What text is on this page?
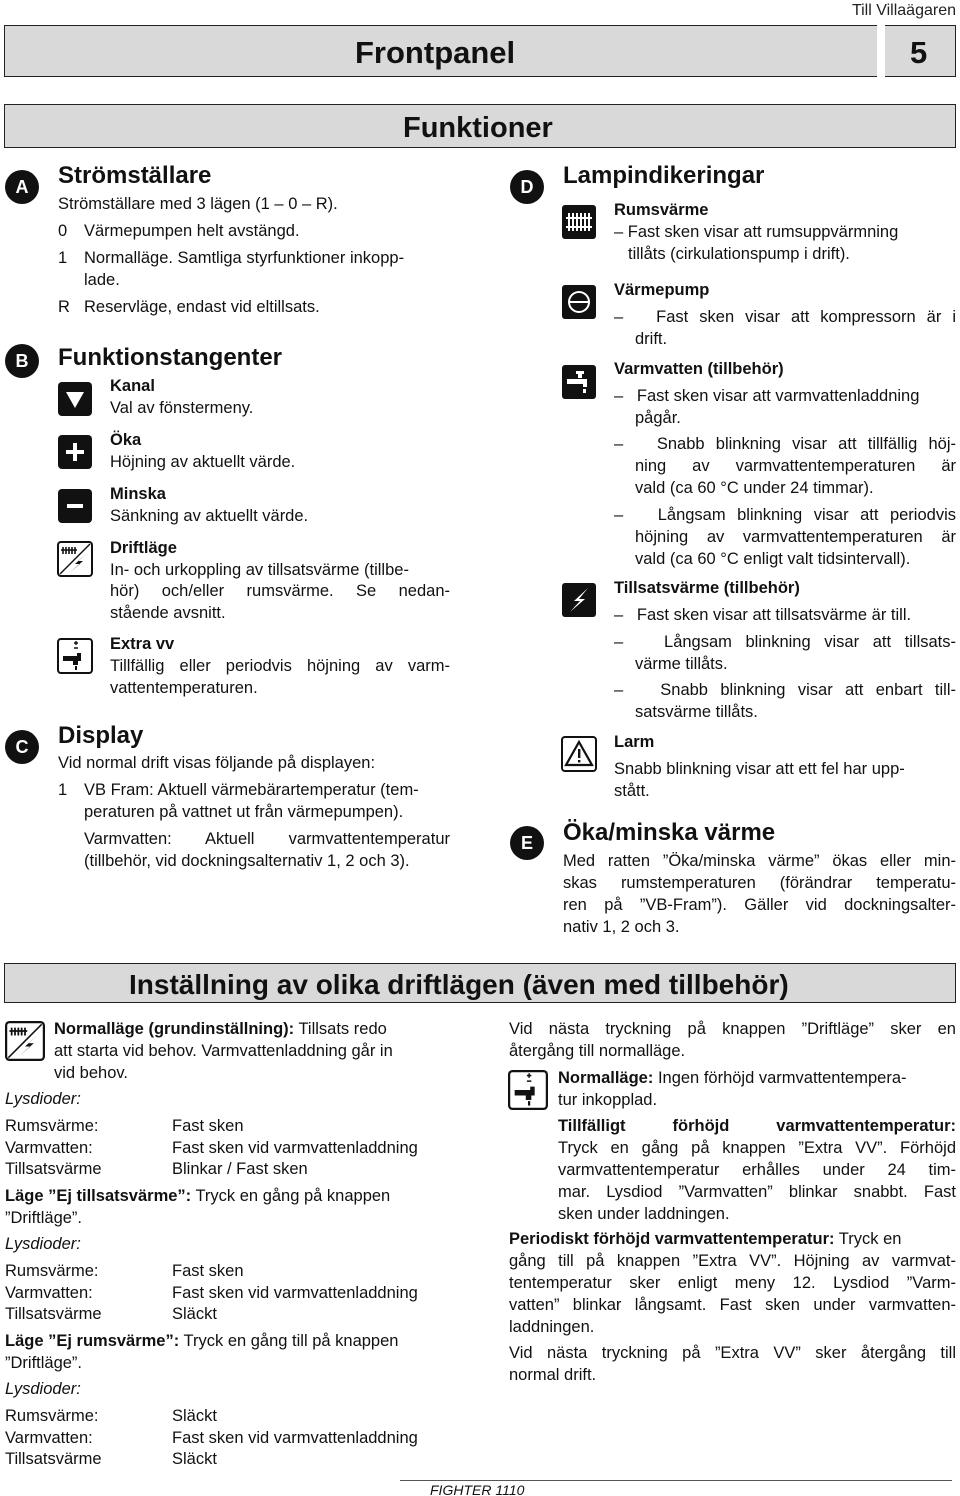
Till Villaägaren
Frontpanel	5
Funktioner
A	Strömställare
Strömställare med 3 lägen (1 – 0 – R).
0 Värmepumpen helt avstängd.
1 Normalläge. Samtliga styrfunktioner inkopp-
lade.
R Reservläge, endast vid eltillsats.
B	Funktionstangenter
Kanal
Val av fönstermeny.
Öka
Höjning av aktuellt värde.
Minska
Sänkning av aktuellt värde.
Driftläge
In- och urkoppling av tillsatsvärme (tillbe-
hör) och/eller rumsvärme. Se nedan-
stående avsnitt.
Extra vv
Tillfällig eller periodvis höjning av varm-
vattentemperaturen.
C	Display
Vid normal drift visas följande på displayen:
1 VB Fram: Aktuell värmebärartemperatur (tem-
peraturen på vattnet ut från värmepumpen).
Varmvatten: Aktuell varmvattentemperatur
(tillbehör, vid dockningsalternativ 1, 2 och 3).
D	Lampindikeringar
Rumsvärme
– Fast sken visar att rumsuppvärmning
tillåts (cirkulationspump i drift).
Värmepump
–   Fast sken visar att kompressorn är i
drift.
Varmvatten (tillbehör)
–   Fast sken visar att varmvattenladdning
pågår.
–   Snabb blinkning visar att tillfällig höj-
ning av varmvattentemperaturen är
vald (ca 60 °C under 24 timmar).
–   Långsam blinkning visar att periodvis
höjning av varmvattentemperaturen är
vald (ca 60 °C enligt valt tidsintervall).
Tillsatsvärme (tillbehör)
–   Fast sken visar att tillsatsvärme är till.
–   Långsam blinkning visar att tillsats-
värme tillåts.
–   Snabb blinkning visar att enbart till-
satsvärme tillåts.
Larm
Snabb blinkning visar att ett fel har upp-
stått.
E	Öka/minska värme
Med ratten ”Öka/minska värme” ökas eller min-
skas rumstemperaturen (förändrar temperatu-
ren på ”VB-Fram”). Gäller vid dockningsalter-
nativ 1, 2 och 3.
Inställning av olika driftlägen (även med tillbehör)
Normalläge (grundinställning): Tillsats redo
att starta vid behov. Varmvattenladdning går in
vid behov.
Lysdioder:
Rumsvärme:	Fast sken
Varmvatten:	Fast sken vid varmvattenladdning
Tillsatsvärme	Blinkar / Fast sken
Läge ”Ej tillsatsvärme”: Tryck en gång på knappen
”Driftläge”.
Lysdioder:
Rumsvärme:	Fast sken
Varmvatten:	Fast sken vid varmvattenladdning
Tillsatsvärme	Släckt
Läge ”Ej rumsvärme”: Tryck en gång till på knappen
”Driftläge”.
Lysdioder:
Rumsvärme:	Släckt
Varmvatten:	Fast sken vid varmvattenladdning
Tillsatsvärme	Släckt
Vid nästa tryckning på knappen ”Driftläge” sker en
återgång till normalläge.
Normalläge: Ingen förhöjd varmvattentempera-
tur inkopplad.
Tillfälligt förhöjd varmvattentemperatur:
Tryck en gång på knappen ”Extra VV”. Förhöjd
varmvattentemperatur erhålles under 24 tim-
mar. Lysdiod ”Varmvatten” blinkar snabbt. Fast
sken under laddningen.
Periodiskt förhöjd varmvattentemperatur: Tryck en
gång till på knappen ”Extra VV”. Höjning av varmvat-
tentemperatur sker enligt meny 12. Lysdiod ”Varm-
vatten” blinkar långsamt. Fast sken under varmvatten-
laddningen.
Vid nästa tryckning på ”Extra VV” sker återgång till
normal drift.
FIGHTER 1110
